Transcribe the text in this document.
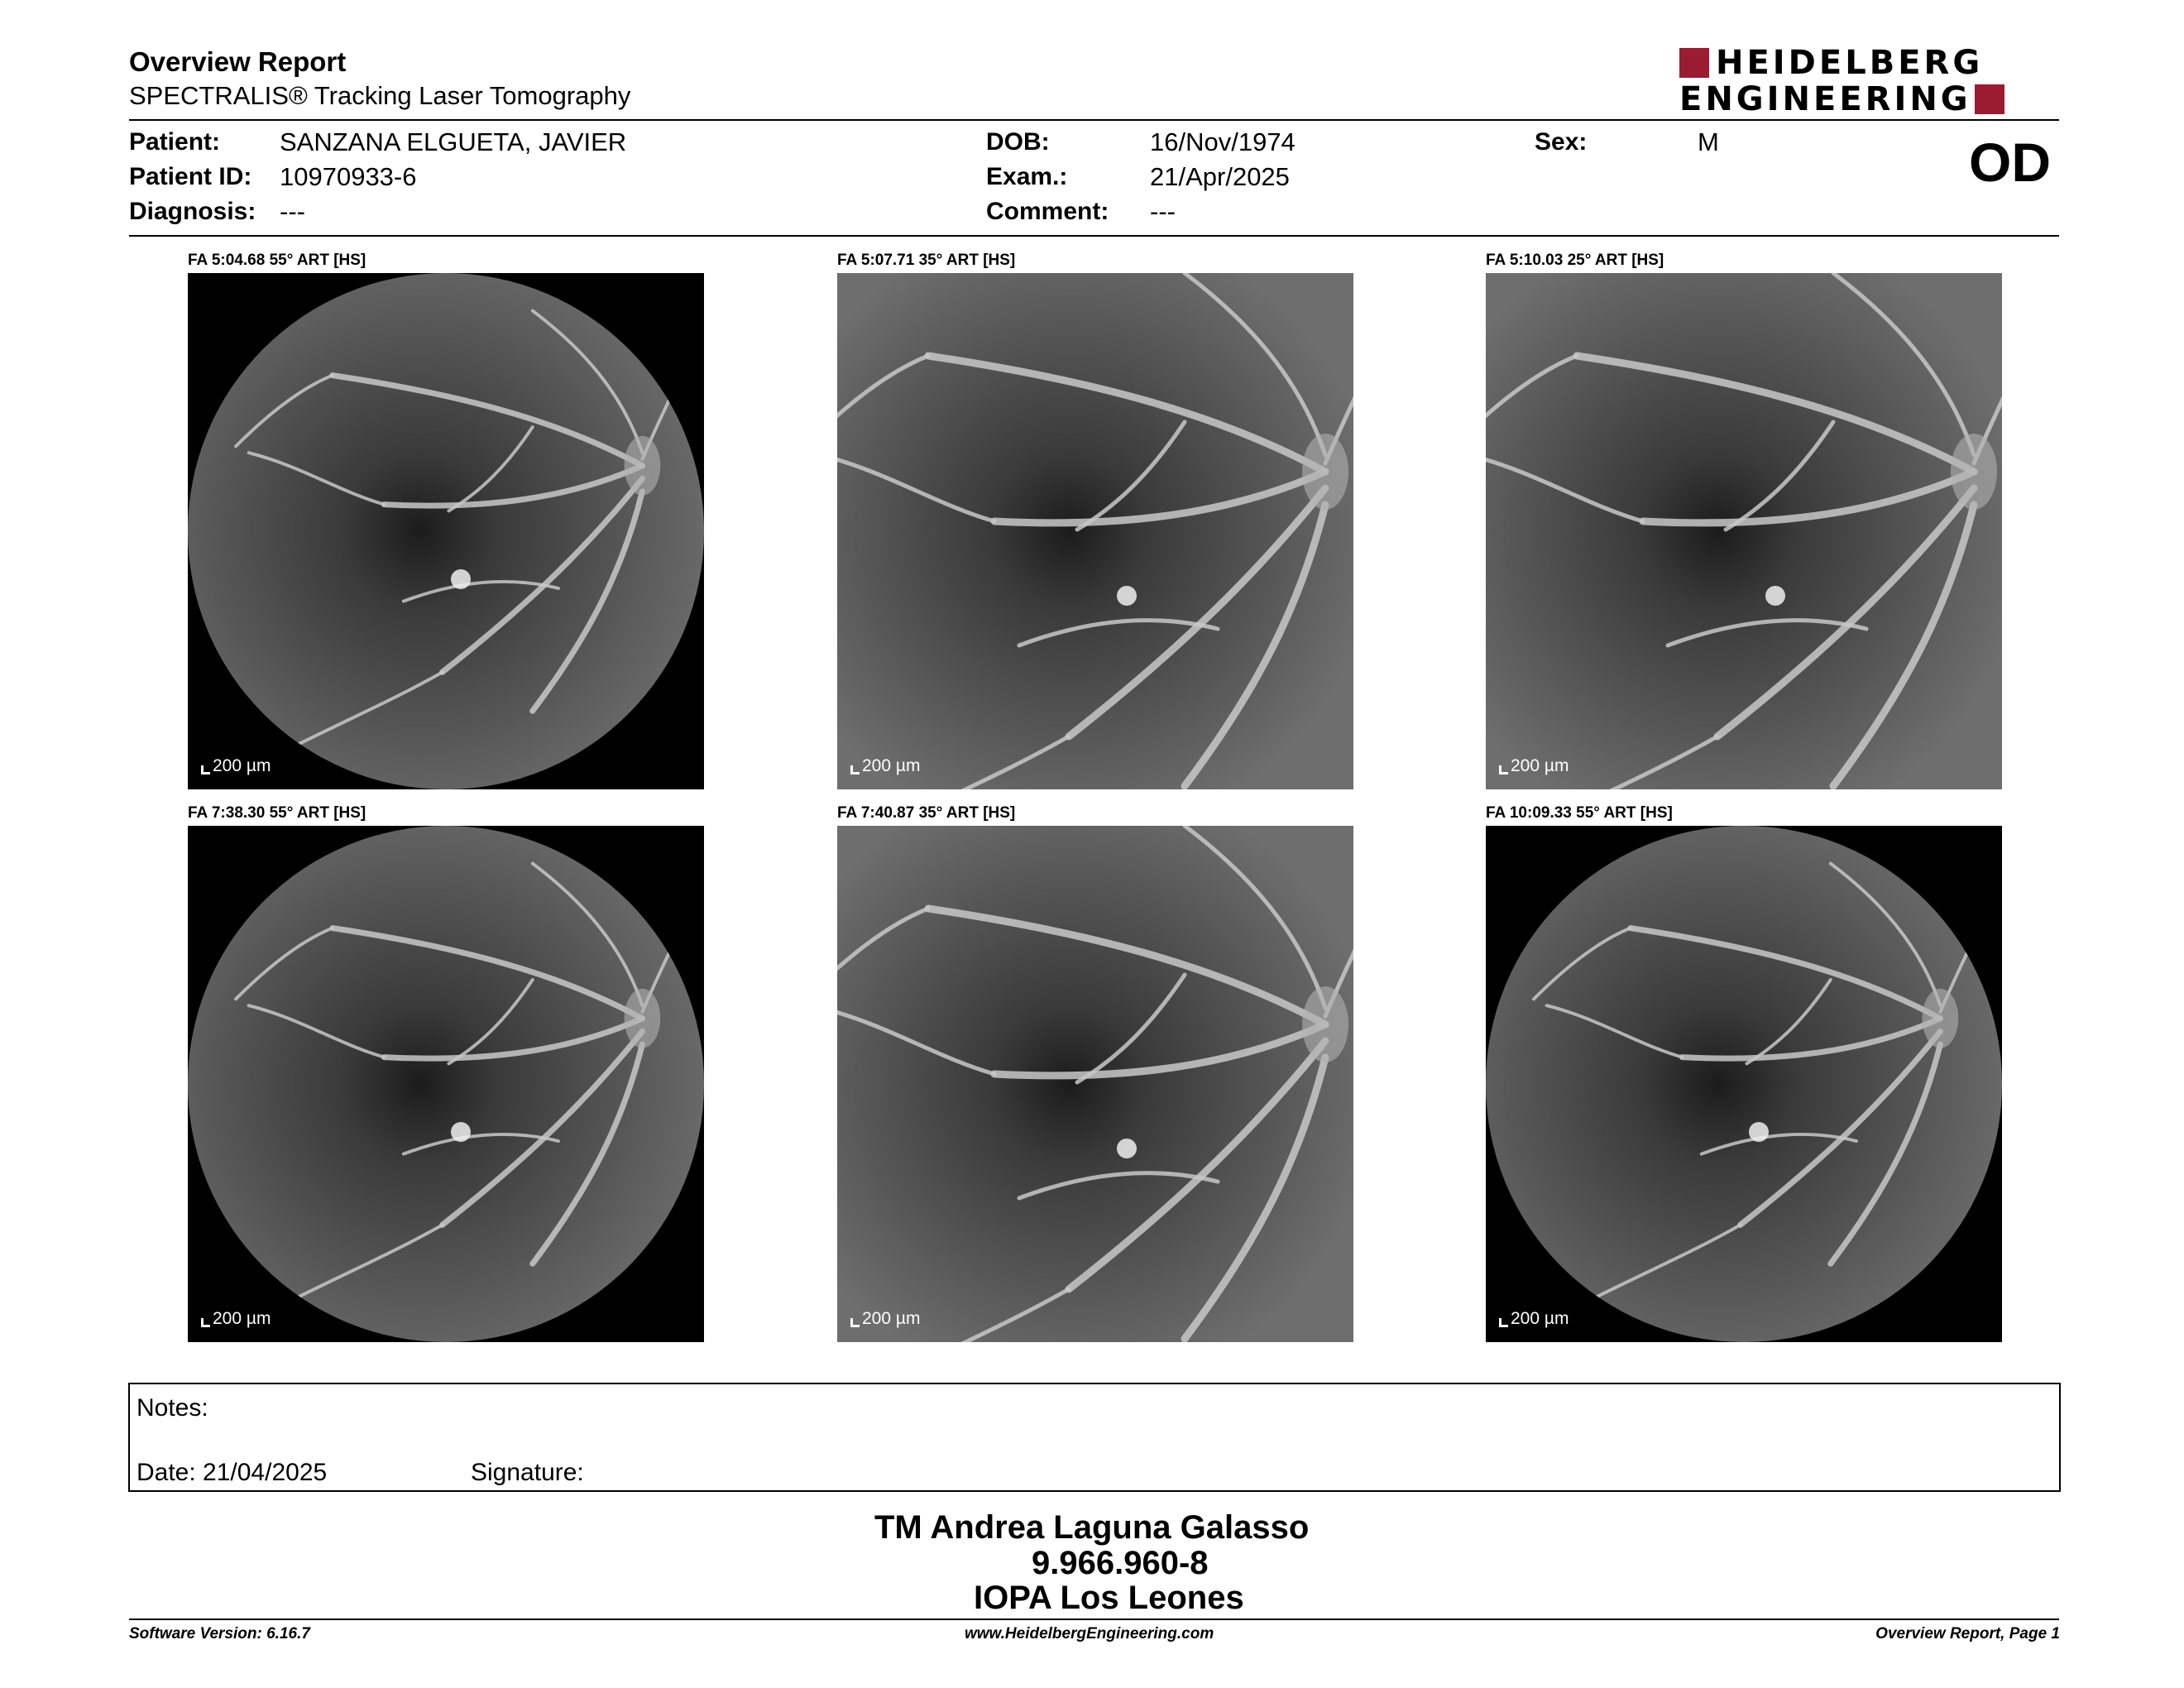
Overview Report
SPECTRALIS® Tracking Laser Tomography
HEIDELBERG
ENGINEERING
Patient: SANZANA ELGUETA, JAVIER
Patient ID: 10970933-6
Diagnosis: ---
DOB:	16/Nov/1974
Exam.:	21/Apr/2025
Comment: ---
Sex:	M	OD
FA 5:04.68 55° ART [HS]
200 µm
FA 5:07.71 35° ART [HS]
200 µm
FA 5:10.03 25° ART [HS]
200 µm
FA 7:38.30 55° ART [HS]
200 µm
FA 7:40.87 35° ART [HS]
200 µm
FA 10:09.33 55° ART [HS]
200 µm
Notes:
Date: 21/04/2025	Signature:
TM Andrea Laguna Galasso
9.966.960-8
IOPA Los Leones
Software Version: 6.16.7	www.HeidelbergEngineering.com	Overview Report, Page 1
